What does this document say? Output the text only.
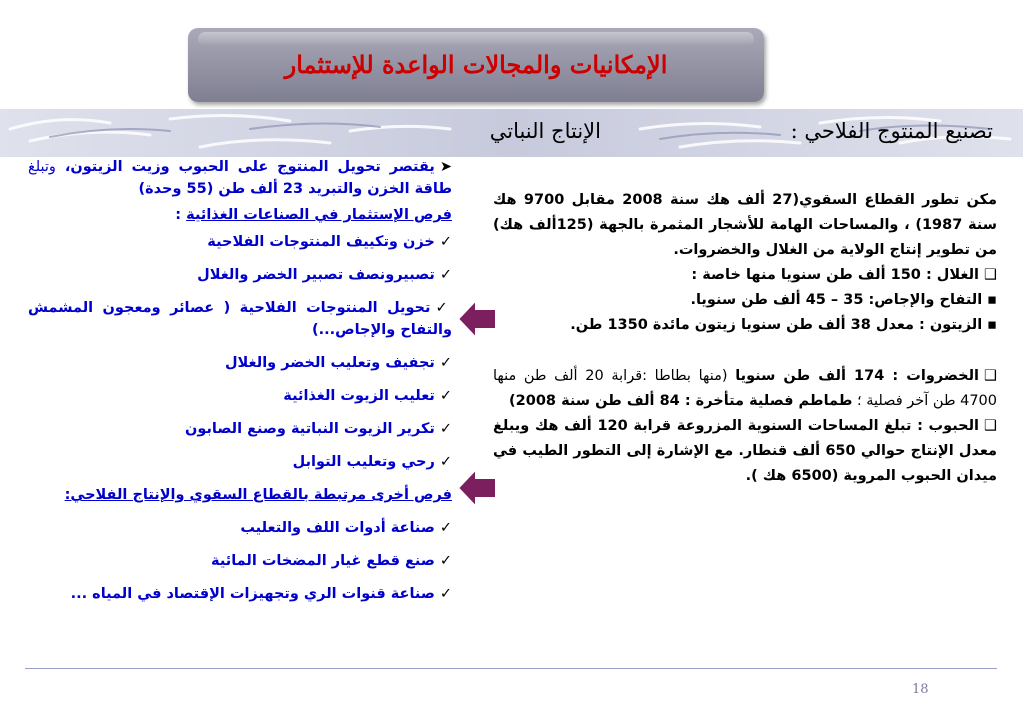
الإمكانيات والمجالات الواعدة للإستثمار
تصنيع المنتوج الفلاحي :
الإنتاج النباتي

➤يقتصر تحويل المنتوج على الحبوب وزيت الزيتون، وتبلغ طاقة الخزن والتبريد 23 ألف طن (55 وحدة)

فرص الإستثمار في الصناعات الغذائية :

✓خزن وتكييف المنتوجات الفلاحية

✓تصبيرونصف تصبير الخضر والغلال

✓تحويل المنتوجات الفلاحية ( عصائر ومعجون المشمش والتفاح والإجاص...)

✓تجفيف وتعليب الخضر والغلال

✓تعليب الزيوت الغذائية

✓تكرير الزيوت النباتية وصنع الصابون

✓رحي وتعليب التوابل

فرص أخرى مرتبطة بالقطاع السقوي والإنتاج الفلاحي:

✓صناعة أدوات اللف والتعليب

✓صنع قطع غيار المضخات المائية

✓صناعة قنوات الري وتجهيزات الإقتصاد في المياه ...

مكن تطور القطاع السقوي(27 ألف هك سنة 2008 مقابل 9700 هك سنة 1987) ، والمساحات الهامة للأشجار المثمرة بالجهة (125ألف هك) من تطوير إنتاج الولاية من الغلال والخضروات.

❑الغلال : 150 ألف طن سنويا منها خاصة :

▪التفاح والإجاص: 35 – 45 ألف طن سنويا.

▪الزيتون : معدل 38 ألف طن سنويا زيتون مائدة 1350 طن.

❑الخضروات : 174 ألف طن سنويا (منها بطاطا :قرابة 20 ألف طن منها 4700 طن آخر فصلية ؛ طماطم فصلية متأخرة : 84 ألف طن سنة 2008)

❑الحبوب : تبلغ المساحات السنوية المزروعة قرابة 120 ألف هك ويبلغ معدل الإنتاج حوالي 650 ألف قنطار. مع الإشارة إلى التطور الطيب في ميدان الحبوب المروية (6500 هك ).

18
